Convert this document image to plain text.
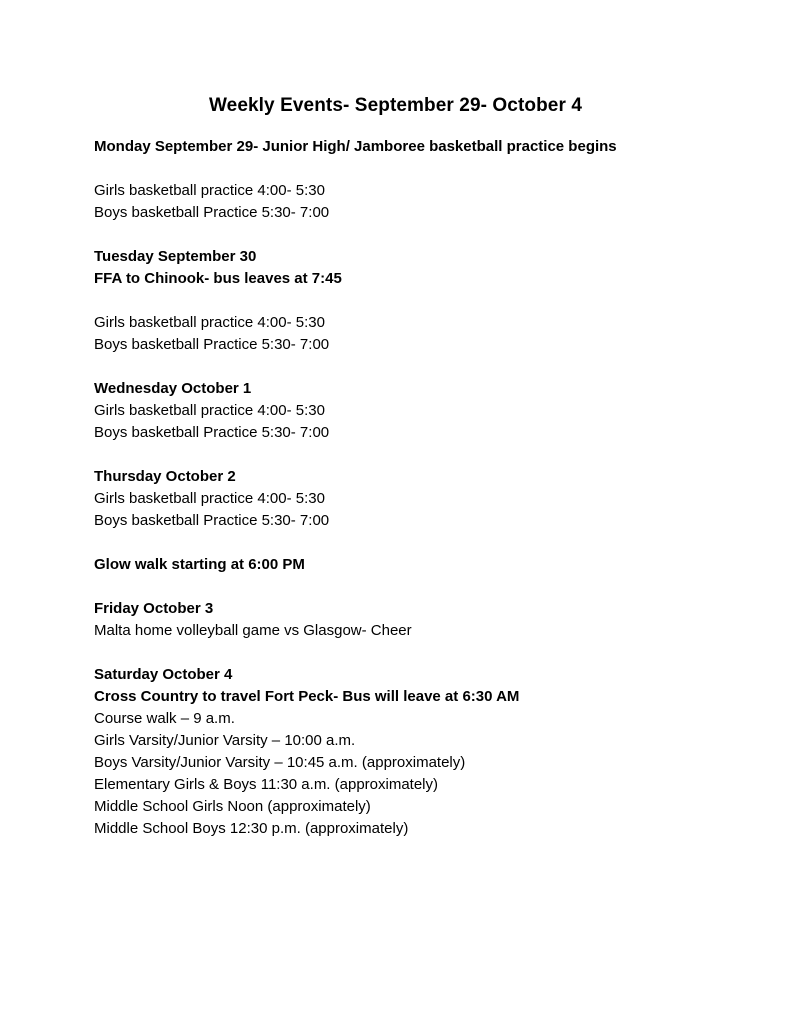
Weekly Events- September 29- October 4
Monday September 29- Junior High/ Jamboree basketball practice begins
Girls basketball practice 4:00- 5:30
Boys basketball Practice 5:30- 7:00
Tuesday September 30
FFA to Chinook- bus leaves at 7:45
Girls basketball practice 4:00- 5:30
Boys basketball Practice 5:30- 7:00
Wednesday October 1
Girls basketball practice 4:00- 5:30
Boys basketball Practice 5:30- 7:00
Thursday October 2
Girls basketball practice 4:00- 5:30
Boys basketball Practice 5:30- 7:00
Glow walk starting at 6:00 PM
Friday October 3
Malta home volleyball game vs Glasgow- Cheer
Saturday October 4
Cross Country to travel Fort Peck- Bus will leave at 6:30 AM
Course walk – 9 a.m.
Girls Varsity/Junior Varsity – 10:00 a.m.
Boys Varsity/Junior Varsity – 10:45 a.m. (approximately)
Elementary Girls & Boys 11:30 a.m. (approximately)
Middle School Girls Noon (approximately)
Middle School Boys 12:30 p.m. (approximately)
